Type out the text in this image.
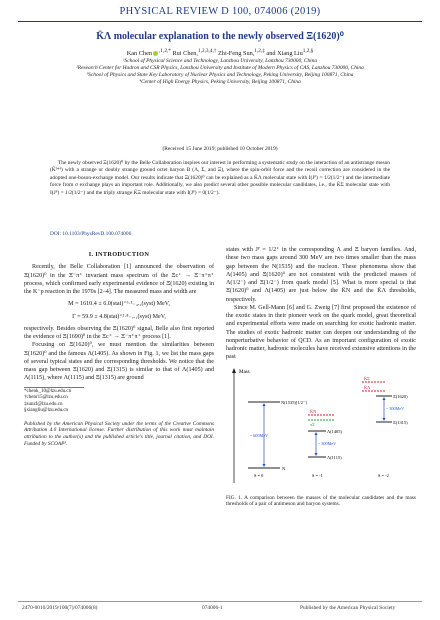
PHYSICAL REVIEW D 100, 074006 (2019)
K̄Λ molecular explanation to the newly observed Ξ(1620)⁰
Kan Chen $^{,1,2,*}$ Rui Chen,$^{1,2,3,4,\dagger}$ Zhi-Feng Sun,$^{1,2,\ddagger}$ and Xiang Liu$^{1,2,\S}$
¹School of Physical Science and Technology, Lanzhou University, Lanzhou 730000, China
²Research Center for Hadron and CSR Physics, Lanzhou University and Institute of Modern Physics of CAS, Lanzhou 730000, China
³School of Physics and State Key Laboratory of Nuclear Physics and Technology, Peking University, Beijing 100871, China
⁴Center of High Energy Physics, Peking University, Beijing 100871, China
(Received 15 June 2019; published 10 October 2019)
The newly observed Ξ(1620)⁰ by the Belle Collaboration inspires our interest in performing a systematic study on the interaction of an antistrange meson (K̄⁽*⁾) with a strange or doubly strange ground octet baryon B (Λ, Σ, and Ξ), where the spin-orbit force and the recoil correction are considered in the adopted one-boson-exchange model. Our results indicate that Ξ(1620)⁰ can be explained as a K̄Λ molecular state with I(Jᴾ) = 1/2(1/2⁻) and the intermediate force from σ exchange plays an important role. Additionally, we also predict several other possible molecular candidates, i.e., the K̄Σ molecular state with I(Jᴾ) = 1/2(1/2⁻) and the triply strange K̄Ξ molecular state with I(Jᴾ) = 0(1/2⁻).
DOI: 10.1103/PhysRevD.100.074006
I. INTRODUCTION
Recently, the Belle Collaboration [1] announced the observation of Ξ(1620)⁰ in the Ξ⁻π⁺ invariant mass spectrum of the Ξc⁺ → Ξ⁻π⁺π⁺ process, which confirmed early experimental evidence of Ξ(1620) existing in the K⁻p reaction in the 1970s [2–4]. The measured mass and width are
M = 1610.4 ± 6.0(stat)⁺⁶·¹₋₄.₂(syst) MeV,
Γ = 59.9 ± 4.8(stat)⁺²·⁸₋₇.₁(syst) MeV,
respectively. Besides observing the Ξ(1620)⁰ signal, Belle also first reported the evidence of Ξ(1690)⁰ in the Ξc⁺ → Ξ⁻π⁺π⁺ process [1].
Focusing on Ξ(1620)⁰, we must mention the similarities between Ξ(1620)⁰ and the famous Λ(1405). As shown in Fig. 1, we list the mass gaps of several typical states and the corresponding thresholds. We notice that the mass gap between Ξ(1620) and Ξ(1315) is similar to that of Λ(1405) and Λ(1115), where Λ(1115) and Ξ(1315) are ground
*chenk_10@lzu.edu.cn
†chenr15@lzu.edu.cn
‡sunzf@lzu.edu.cn
§xiangliu@lzu.edu.cn
Published by the American Physical Society under the terms of the Creative Commons Attribution 4.0 International license. Further distribution of this work must maintain attribution to the author(s) and the published article's title, journal citation, and DOI. Funded by SCOAP³.
states with Jᴾ = 1/2⁺ in the corresponding Λ and Ξ baryon families. And, these two mass gaps around 300 MeV are two times smaller than the mass gap between the N(1535) and the nucleon. These phenomena show that Λ(1405) and Ξ(1620)⁰ are not consistent with the predicted masses of Λ(1/2⁻) and Ξ(1/2⁻) from quark model [5]. What is more special is that Ξ(1620)⁰ and Λ(1405) are just below the K̄N and the K̄Λ thresholds, respectively.
Since M. Gell-Mann [6] and G. Zweig [7] first proposed the existence of the exotic states in their pioneer work on the quark model, great theoretical and experimental efforts were made on searching for exotic hadronic matter. The studies of exotic hadronic matter can deepen our understanding of the nonperturbative behavior of QCD. As an important configuration of exotic hadronic matter, hadronic molecules have received extensive attentions in the past
Mass
N(1535)[1/2⁻]
N
~ 600MeV
S = 0
K̄N
πΣ
Λ(1405)
~ 300MeV
Λ(1115)
S = -1
K̄Σ
K̄Λ
Ξ(1620)
~ 300MeV
Ξ(1315)
S = -2
FIG. 1. A comparison between the masses of the molecular candidates and the mass thresholds of a pair of antimeson and baryon systems.
2470-0010/2019/100(7)/074006(8)	074006-1	Published by the American Physical Society
